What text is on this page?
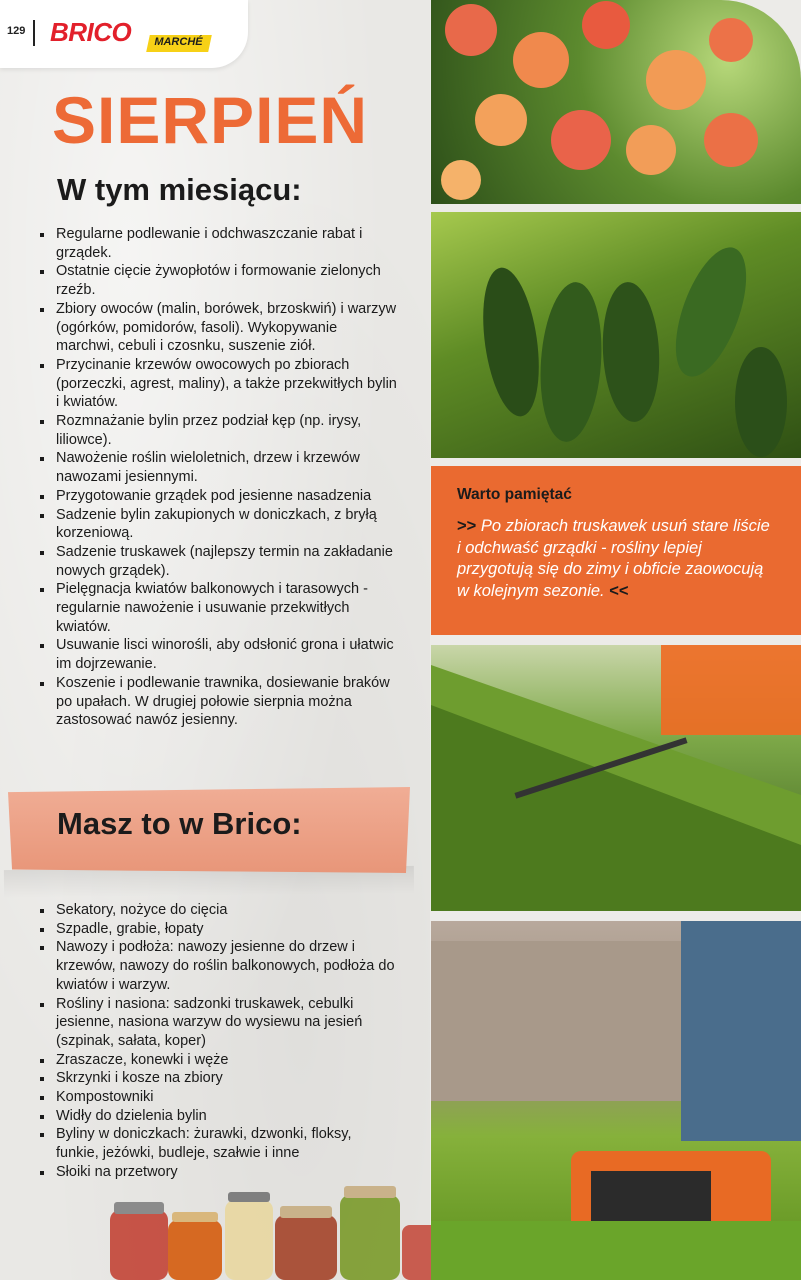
129 BRICO	MARCHÉ
SIERPIEŃ
W tym miesiącu:
Regularne podlewanie i odchwaszczanie rabat i grządek.
Ostatnie cięcie żywopłotów i formowanie zielonych rzeźb.
Zbiory owoców (malin, borówek, brzoskwiń) i warzyw (ogórków, pomidorów, fasoli). Wykopywanie marchwi, cebuli i czosnku, suszenie ziół.
Przycinanie krzewów owocowych po zbiorach (porzeczki, agrest, maliny), a także przekwitłych bylin i kwiatów.
Rozmnażanie bylin przez podział kęp (np. irysy, liliowce).
Nawożenie roślin wieloletnich, drzew i krzewów nawozami jesiennymi.
Przygotowanie grządek pod jesienne nasadzenia
Sadzenie bylin zakupionych w doniczkach, z bryłą korzeniową.
Sadzenie truskawek (najlepszy termin na zakładanie nowych grządek).
Pielęgnacja kwiatów balkonowych i tarasowych - regularnie nawożenie i usuwanie przekwitłych kwiatów.
Usuwanie lisci winorośli, aby odsłonić grona i ułatwic im dojrzewanie.
Koszenie i podlewanie trawnika, dosiewanie braków po upałach. W drugiej połowie sierpnia można zastosować nawóz jesienny.
Masz to w Brico:
Sekatory, nożyce do cięcia
Szpadle, grabie, łopaty
Nawozy i podłoża: nawozy jesienne do drzew i krzewów, nawozy do roślin balkonowych, podłoża do kwiatów i warzyw.
Rośliny i nasiona: sadzonki truskawek, cebulki jesienne, nasiona warzyw do wysiewu na jesień (szpinak, sałata, koper)
Zraszacze, konewki i węże
Skrzynki i kosze na zbiory
Kompostowniki
Widły do dzielenia bylin
Byliny w doniczkach: żurawki, dzwonki, floksy, funkie, jeżówki, budleje, szałwie i inne
Słoiki na przetwory
Warto pamiętać
>> Po zbiorach truskawek usuń stare liście i odchwaść grządki - rośliny lepiej przygotują się do zimy i obficie zaowocują w kolejnym sezonie. <<
